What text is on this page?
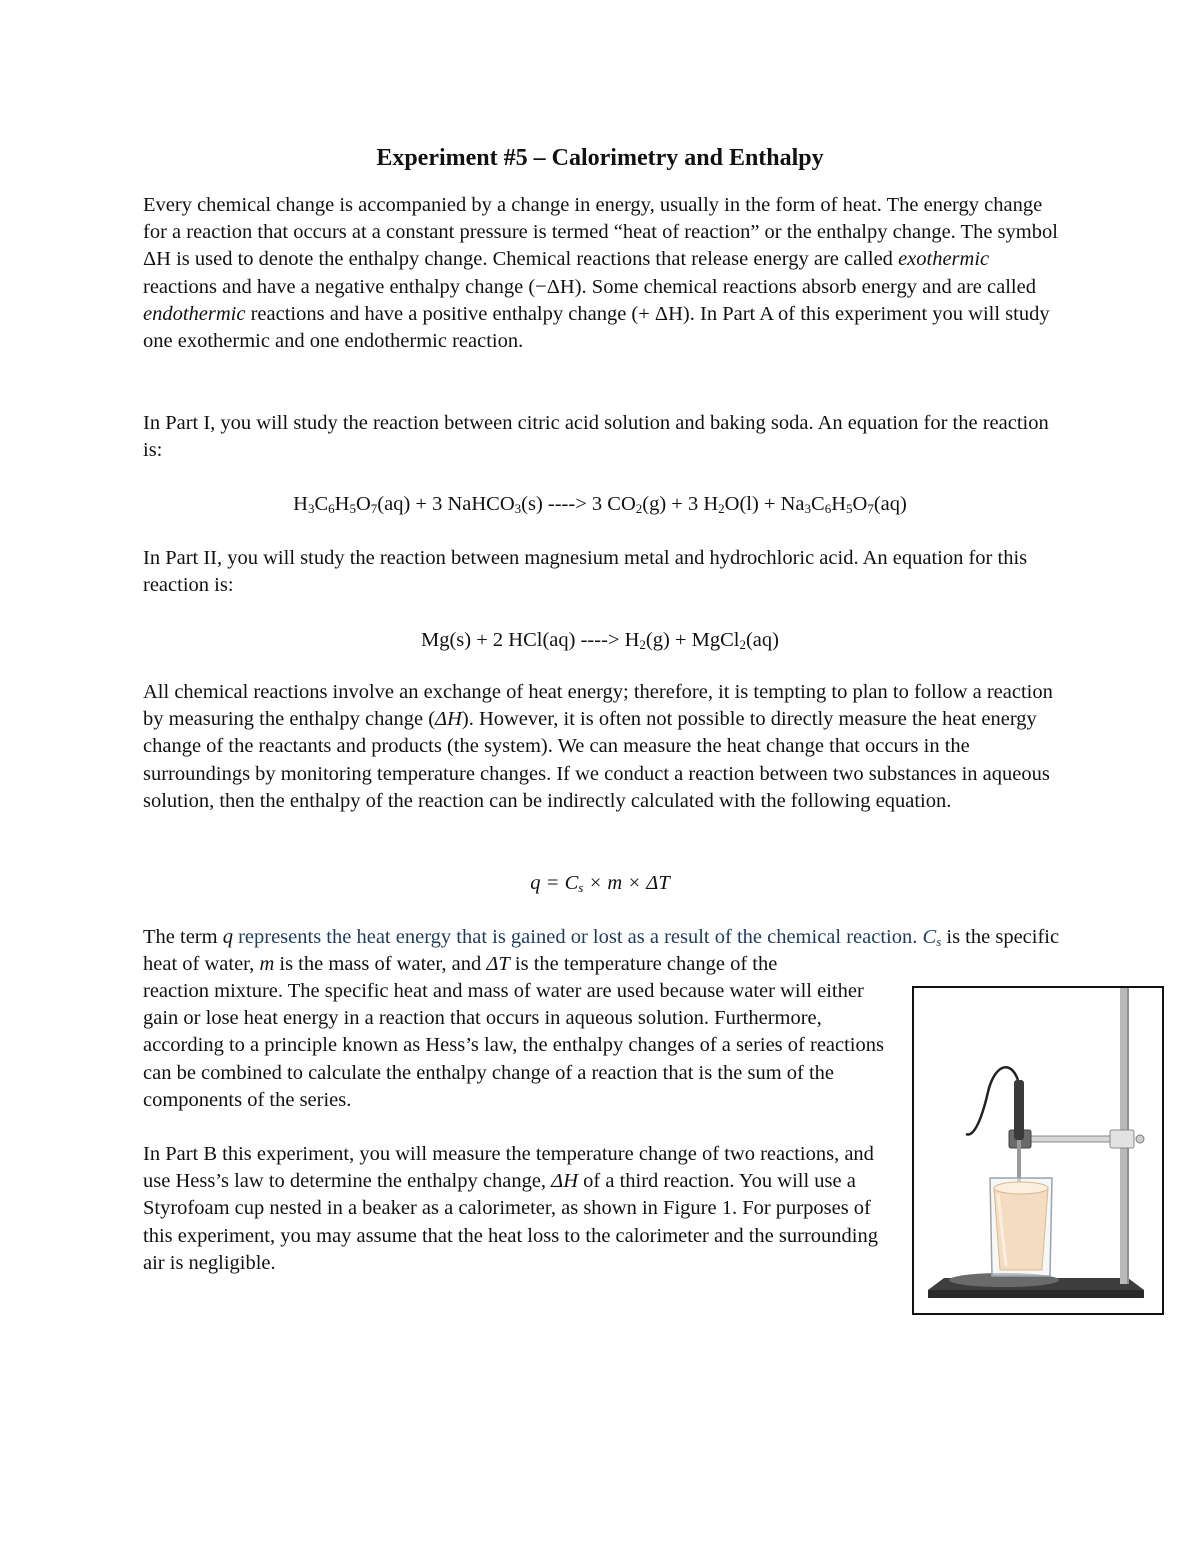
Experiment #5 – Calorimetry and Enthalpy

Every chemical change is accompanied by a change in energy, usually in the form of heat. The energy change for a reaction that occurs at a constant pressure is termed “heat of reaction” or the enthalpy change. The symbol ΔH is used to denote the enthalpy change. Chemical reactions that release energy are called exothermic reactions and have a negative enthalpy change (−ΔH). Some chemical reactions absorb energy and are called endothermic reactions and have a positive enthalpy change (+ ΔH). In Part A of this experiment you will study one exothermic and one endothermic reaction.

In Part I, you will study the reaction between citric acid solution and baking soda. An equation for the reaction is:

$H_3C_6H_5O_7(aq) + 3$ NaHCO$_3$(s) ----> 3 $CO_2(g) + 3$ $H_2O(l) + Na_3C_6H_5O_7(aq)$

In Part II, you will study the reaction between magnesium metal and hydrochloric acid. An equation for this reaction is:

Mg(s) + 2 HCl(aq) ----> $H_2(g)$ + MgCl$_2$(aq)

All chemical reactions involve an exchange of heat energy; therefore, it is tempting to plan to follow a reaction by measuring the enthalpy change (ΔH). However, it is often not possible to directly measure the heat energy change of the reactants and products (the system). We can measure the heat change that occurs in the surroundings by monitoring temperature changes. If we conduct a reaction between two substances in aqueous solution, then the enthalpy of the reaction can be indirectly calculated with the following equation.

$q = C_s \times m \times \Delta T$

The term q represents the heat energy that is gained or lost as a result of the chemical reaction. $C_s$ is the specific heat of water, m is the mass of water, and ΔT is the temperature change of the

reaction mixture. The specific heat and mass of water are used because water will either gain or lose heat energy in a reaction that occurs in aqueous solution. Furthermore, according to a principle known as Hess’s law, the enthalpy changes of a series of reactions can be combined to calculate the enthalpy change of a reaction that is the sum of the components of the series.

In Part B this experiment, you will measure the temperature change of two reactions, and use Hess’s law to determine the enthalpy change, ΔH of a third reaction. You will use a Styrofoam cup nested in a beaker as a calorimeter, as shown in Figure 1. For purposes of this experiment, you may assume that the heat loss to the calorimeter and the surrounding air is negligible.
